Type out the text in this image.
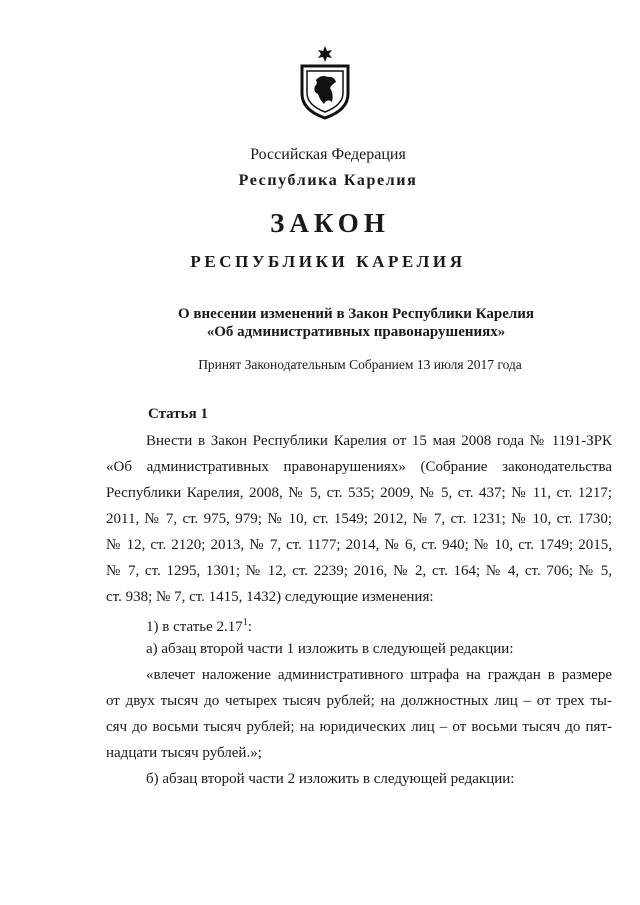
Российская Федерация
Республика Карелия
ЗАКОН
РЕСПУБЛИКИ КАРЕЛИЯ
О внесении изменений в Закон Республики Карелия
«Об административных правонарушениях»
Принят Законодательным Собранием 13 июля 2017 года
Статья 1
Внести в Закон Республики Карелия от 15 мая 2008 года № 1191-ЗРК
«Об административных правонарушениях» (Собрание законодательства
Республики Карелия, 2008, № 5, ст. 535; 2009, № 5, ст. 437; № 11, ст. 1217;
2011, № 7, ст. 975, 979; № 10, ст. 1549; 2012, № 7, ст. 1231; № 10, ст. 1730;
№ 12, ст. 2120; 2013, № 7, ст. 1177; 2014, № 6, ст. 940; № 10, ст. 1749; 2015,
№ 7, ст. 1295, 1301; № 12, ст. 2239; 2016, № 2, ст. 164; № 4, ст. 706; № 5,
ст. 938; № 7, ст. 1415, 1432) следующие изменения:
1) в статье 2.17$^1$:
а) абзац второй части 1 изложить в следующей редакции:
«влечет наложение административного штрафа на граждан в размере
от двух тысяч до четырех тысяч рублей; на должностных лиц – от трех ты-
сяч до восьми тысяч рублей; на юридических лиц – от восьми тысяч до пят-
надцати тысяч рублей.»;
б) абзац второй части 2 изложить в следующей редакции:
